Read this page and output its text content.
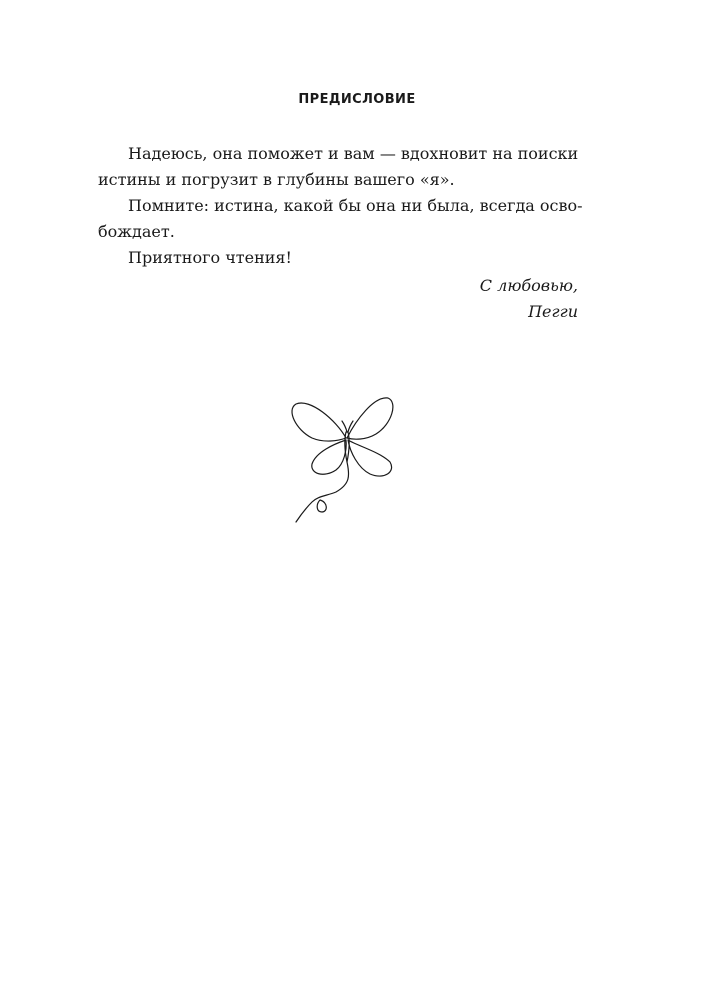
ПРЕДИСЛОВИЕ

Надеюсь, она поможет и вам — вдохновит на поиски
истины и погрузит в глубины вашего «я».

Помните: истина, какой бы она ни была, всегда осво-
бождает.

Приятного чтения!

С любовью,
Пегги
